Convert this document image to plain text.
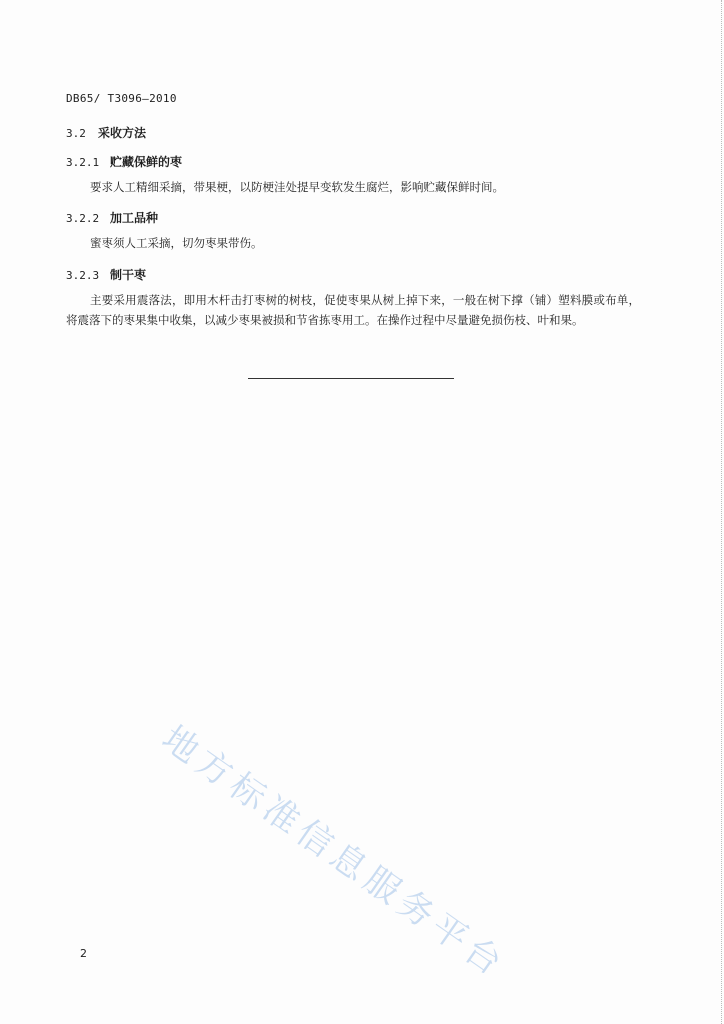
DB65/ T3096—2010
3.2 采收方法
3.2.1 贮藏保鲜的枣
要求人工精细采摘，带果梗，以防梗洼处提早变软发生腐烂，影响贮藏保鲜时间。
3.2.2 加工品种
蜜枣须人工采摘，切勿枣果带伤。
3.2.3 制干枣
主要采用震落法，即用木杆击打枣树的树枝，促使枣果从树上掉下来，一般在树下撑（铺）塑料膜或布单，将震落下的枣果集中收集，以减少枣果被损和节省拣枣用工。在操作过程中尽量避免损伤枝、叶和果。
地方标准信息服务平台
2
